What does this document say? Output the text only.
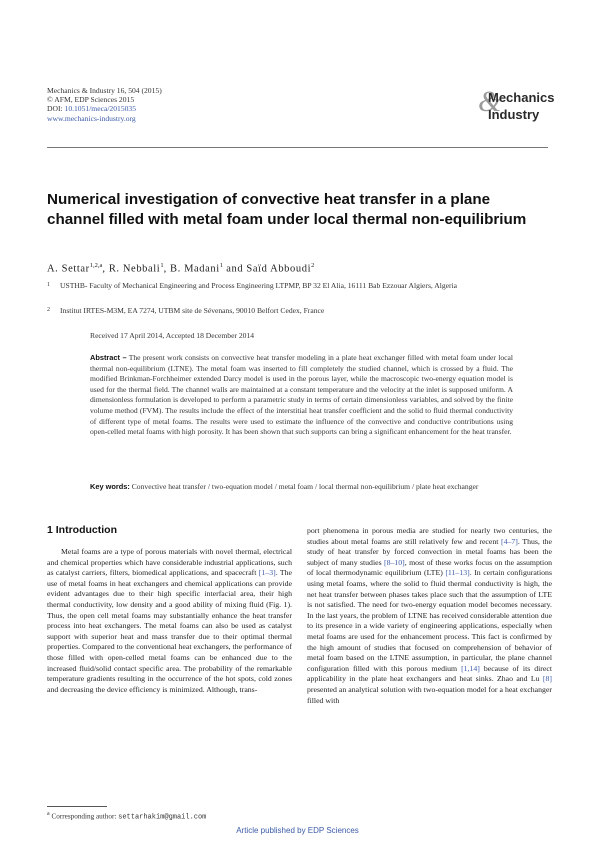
Mechanics & Industry 16, 504 (2015)
© AFM, EDP Sciences 2015
DOI: 10.1051/meca/2015035
www.mechanics-industry.org
&
Mechanics
Industry
Numerical investigation of convective heat transfer in a plane channel filled with metal foam under local thermal non-equilibrium
A. Settar$^{1,2,a}$, R. Nebbali$^1$, B. Madani$^1$ and Saïd Abboudi$^2$
1 USTHB- Faculty of Mechanical Engineering and Process Engineering LTPMP, BP 32 El Alia, 16111 Bab Ezzouar Algiers, Algeria
2 Institut IRTES-M3M, EA 7274, UTBM site de Sévenans, 90010 Belfort Cedex, France
Received 17 April 2014, Accepted 18 December 2014
Abstract – The present work consists on convective heat transfer modeling in a plate heat exchanger filled with metal foam under local thermal non-equilibrium (LTNE). The metal foam was inserted to fill completely the studied channel, which is crossed by a fluid. The modified Brinkman-Forchheimer extended Darcy model is used in the porous layer, while the macroscopic two-energy equation model is used for the thermal field. The channel walls are maintained at a constant temperature and the velocity at the inlet is supposed uniform. A dimensionless formulation is developed to perform a parametric study in terms of certain dimensionless variables, and solved by the finite volume method (FVM). The results include the effect of the interstitial heat transfer coefficient and the solid to fluid thermal conductivity of different type of metal foams. The results were used to estimate the influence of the convective and conductive contributions using open-celled metal foams with high porosity. It has been shown that such supports can bring a significant enhancement for the heat transfer.
Key words: Convective heat transfer / two-equation model / metal foam / local thermal non-equilibrium / plate heat exchanger
1 Introduction
Metal foams are a type of porous materials with novel thermal, electrical and chemical properties which have considerable industrial applications, such as catalyst carriers, filters, biomedical applications, and spacecraft [1–3]. The use of metal foams in heat exchangers and chemical applications can provide evident advantages due to their high specific interfacial area, their high thermal conductivity, low density and a good ability of mixing fluid (Fig. 1). Thus, the open cell metal foams may substantially enhance the heat transfer process into heat exchangers. The metal foams can also be used as catalyst support with superior heat and mass transfer due to their optimal thermal properties. Compared to the conventional heat exchangers, the performance of those filled with open-celled metal foams can be enhanced due to the increased fluid/solid contact specific area. The probability of the remarkable temperature gradients resulting in the occurrence of the hot spots, cold zones and decreasing the device efficiency is minimized. Although, trans-
port phenomena in porous media are studied for nearly two centuries, the studies about metal foams are still relatively few and recent [4–7]. Thus, the study of heat transfer by forced convection in metal foams has been the subject of many studies [8–10], most of these works focus on the assumption of local thermodynamic equilibrium (LTE) [11–13]. In certain configurations using metal foams, where the solid to fluid thermal conductivity is high, the net heat transfer between phases takes place such that the assumption of LTE is not satisfied. The need for two-energy equation model becomes necessary. In the last years, the problem of LTNE has received considerable attention due to its presence in a wide variety of engineering applications, especially when metal foams are used for the enhancement process. This fact is confirmed by the high amount of studies that focused on comprehension of behavior of metal foam based on the LTNE assumption, in particular, the plane channel configuration filled with this porous medium [1,14] because of its direct applicability in the plate heat exchangers and heat sinks. Zhao and Lu [8] presented an analytical solution with two-equation model for a heat exchanger filled with
$^a$ Corresponding author: settarhakim@gmail.com
Article published by EDP Sciences
